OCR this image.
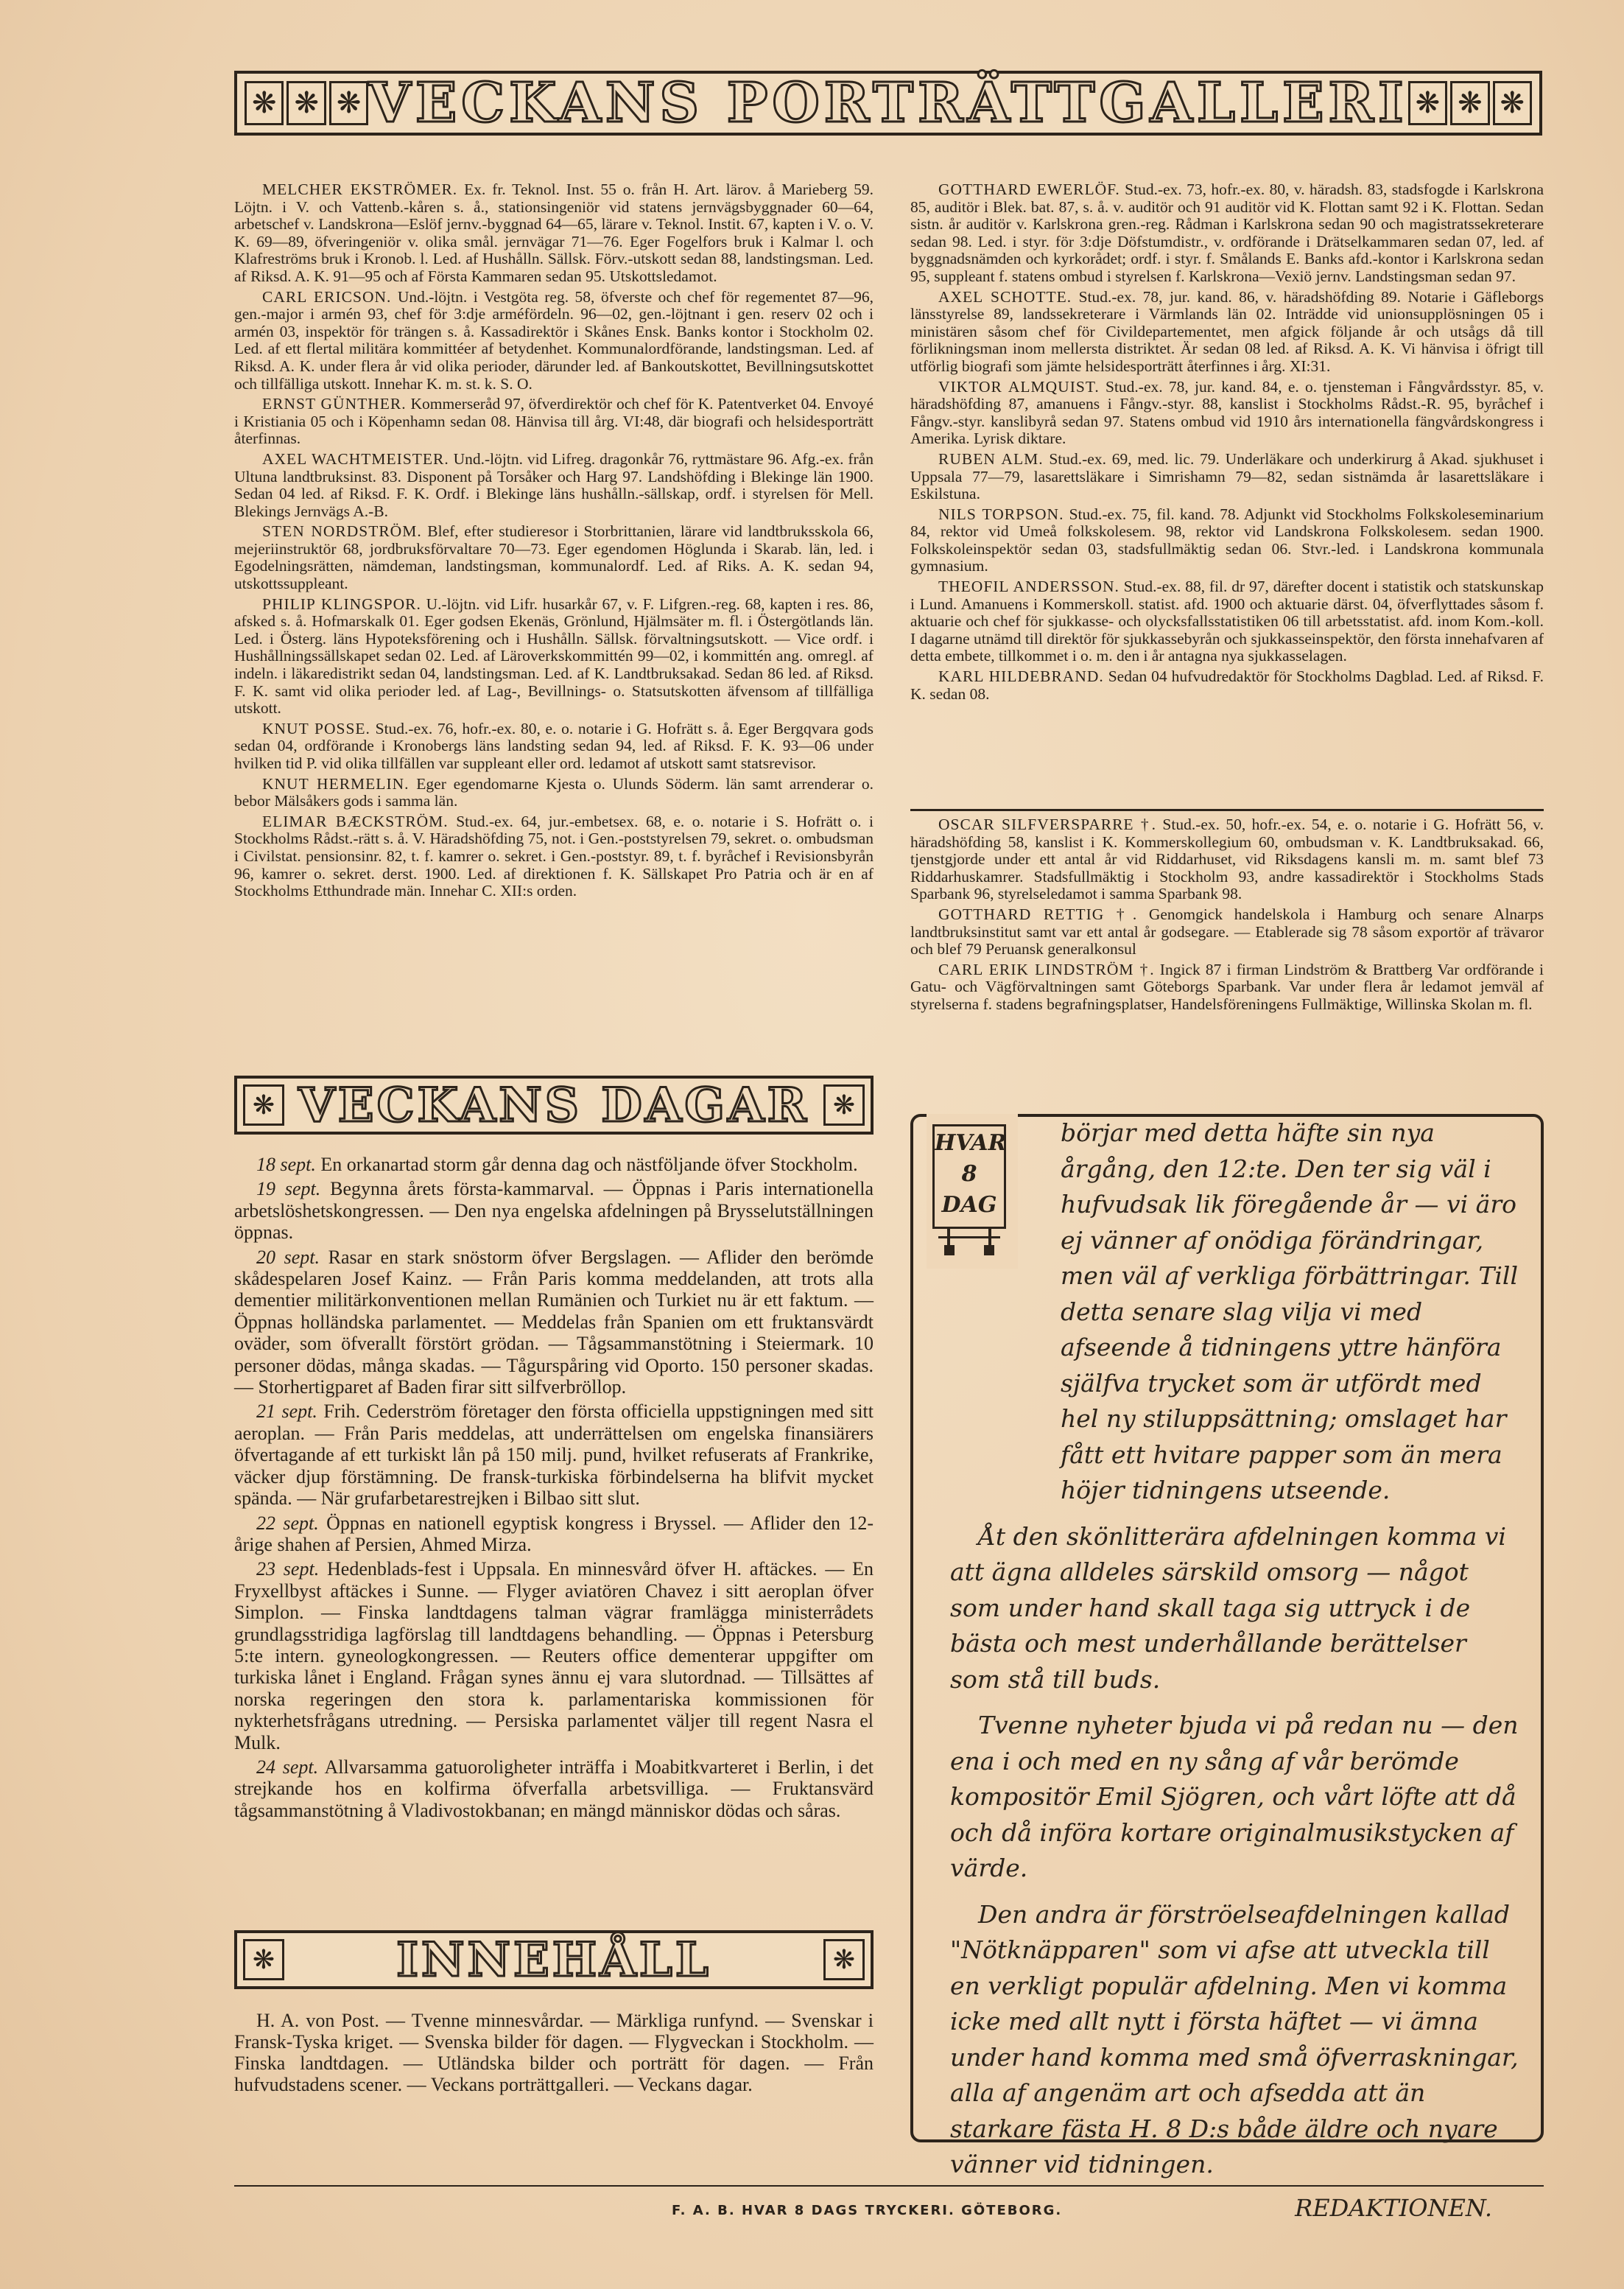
❋ ❋ ❋ VECKANS PORTRÄTTGALLERI ❋ ❋ ❋

MELCHER EKSTRÖMER. Ex. fr. Teknol. Inst. 55 o. från H. Art. lärov. å Marieberg 59. Löjtn. i V. och Vattenb.-kåren s. å., stationsingeniör vid statens jernvägsbyggnader 60—64, arbetschef v. Landskrona—Eslöf jernv.-byggnad 64—65, lärare v. Teknol. Instit. 67, kapten i V. o. V. K. 69—89, öfveringeniör v. olika smål. jernvägar 71—76. Eger Fogelfors bruk i Kalmar l. och Klafreströms bruk i Kronob. l. Led. af Hushålln. Sällsk. Förv.-utskott sedan 88, landstingsman. Led. af Riksd. A. K. 91—95 och af Första Kammaren sedan 95. Utskottsledamot.

CARL ERICSON. Und.-löjtn. i Vestgöta reg. 58, öfverste och chef för regementet 87—96, gen.-major i armén 93, chef för 3:dje arméfördeln. 96—02, gen.-löjtnant i gen. reserv 02 och i armén 03, inspektör för trängen s. å. Kassadirektör i Skånes Ensk. Banks kontor i Stockholm 02. Led. af ett flertal militära kommittéer af betydenhet. Kommunalordförande, landstingsman. Led. af Riksd. A. K. under flera år vid olika perioder, därunder led. af Bankoutskottet, Bevillningsutskottet och tillfälliga utskott. Innehar K. m. st. k. S. O.

ERNST GÜNTHER. Kommerseråd 97, öfverdirektör och chef för K. Patentverket 04. Envoyé i Kristiania 05 och i Köpenhamn sedan 08. Hänvisa till årg. VI:48, där biografi och helsidesporträtt återfinnas.

AXEL WACHTMEISTER. Und.-löjtn. vid Lifreg. dragonkår 76, ryttmästare 96. Afg.-ex. från Ultuna landtbruksinst. 83. Disponent på Torsåker och Harg 97. Landshöfding i Blekinge län 1900. Sedan 04 led. af Riksd. F. K. Ordf. i Blekinge läns hushålln.-sällskap, ordf. i styrelsen för Mell. Blekings Jernvägs A.-B.

STEN NORDSTRÖM. Blef, efter studieresor i Storbrittanien, lärare vid landtbruksskola 66, mejeriinstruktör 68, jordbruksförvaltare 70—73. Eger egendomen Höglunda i Skarab. län, led. i Egodelningsrätten, nämdeman, landstingsman, kommunalordf. Led. af Riks. A. K. sedan 94, utskottssuppleant.

PHILIP KLINGSPOR. U.-löjtn. vid Lifr. husarkår 67, v. F. Lifgren.-reg. 68, kapten i res. 86, afsked s. å. Hofmarskalk 01. Eger godsen Ekenäs, Grönlund, Hjälmsäter m. fl. i Östergötlands län. Led. i Österg. läns Hypoteksförening och i Hushålln. Sällsk. förvaltningsutskott. — Vice ordf. i Hushållningssällskapet sedan 02. Led. af Läroverkskommittén 99—02, i kommittén ang. omregl. af indeln. i läkaredistrikt sedan 04, landstingsman. Led. af K. Landtbruksakad. Sedan 86 led. af Riksd. F. K. samt vid olika perioder led. af Lag-, Bevillnings- o. Statsutskotten äfvensom af tillfälliga utskott.

KNUT POSSE. Stud.-ex. 76, hofr.-ex. 80, e. o. notarie i G. Hofrätt s. å. Eger Bergqvara gods sedan 04, ordförande i Kronobergs läns landsting sedan 94, led. af Riksd. F. K. 93—06 under hvilken tid P. vid olika tillfällen var suppleant eller ord. ledamot af utskott samt statsrevisor.

KNUT HERMELIN. Eger egendomarne Kjesta o. Ulunds Söderm. län samt arrenderar o. bebor Mälsåkers gods i samma län.

ELIMAR BÆCKSTRÖM. Stud.-ex. 64, jur.-embetsex. 68, e. o. notarie i S. Hofrätt o. i Stockholms Rådst.-rätt s. å. V. Häradshöfding 75, not. i Gen.-poststyrelsen 79, sekret. o. ombudsman i Civilstat. pensionsinr. 82, t. f. kamrer o. sekret. i Gen.-poststyr. 89, t. f. byråchef i Revisionsbyrån 96, kamrer o. sekret. derst. 1900. Led. af direktionen f. K. Sällskapet Pro Patria och är en af Stockholms Etthundrade män. Innehar C. XII:s orden.

GOTTHARD EWERLÖF. Stud.-ex. 73, hofr.-ex. 80, v. häradsh. 83, stadsfogde i Karlskrona 85, auditör i Blek. bat. 87, s. å. v. auditör och 91 auditör vid K. Flottan samt 92 i K. Flottan. Sedan sistn. år auditör v. Karlskrona gren.-reg. Rådman i Karlskrona sedan 90 och magistratssekreterare sedan 98. Led. i styr. för 3:dje Döfstumdistr., v. ordförande i Drätselkammaren sedan 07, led. af byggnadsnämden och kyrkorådet; ordf. i styr. f. Smålands E. Banks afd.-kontor i Karlskrona sedan 95, suppleant f. statens ombud i styrelsen f. Karlskrona—Vexiö jernv. Landstingsman sedan 97.

AXEL SCHOTTE. Stud.-ex. 78, jur. kand. 86, v. häradshöfding 89. Notarie i Gäfleborgs länsstyrelse 89, landssekreterare i Värmlands län 02. Inträdde vid unionsupplösningen 05 i ministären såsom chef för Civildepartementet, men afgick följande år och utsågs då till förlikningsman inom mellersta distriktet. Är sedan 08 led. af Riksd. A. K. Vi hänvisa i öfrigt till utförlig biografi som jämte helsidesporträtt återfinnes i årg. XI:31.

VIKTOR ALMQUIST. Stud.-ex. 78, jur. kand. 84, e. o. tjensteman i Fångvårdsstyr. 85, v. häradshöfding 87, amanuens i Fångv.-styr. 88, kanslist i Stockholms Rådst.-R. 95, byråchef i Fångv.-styr. kanslibyrå sedan 97. Statens ombud vid 1910 års internationella fängvårdskongress i Amerika. Lyrisk diktare.

RUBEN ALM. Stud.-ex. 69, med. lic. 79. Underläkare och underkirurg å Akad. sjukhuset i Uppsala 77—79, lasarettsläkare i Simrishamn 79—82, sedan sistnämda år lasarettsläkare i Eskilstuna.

NILS TORPSON. Stud.-ex. 75, fil. kand. 78. Adjunkt vid Stockholms Folkskoleseminarium 84, rektor vid Umeå folkskolesem. 98, rektor vid Landskrona Folkskolesem. sedan 1900. Folkskoleinspektör sedan 03, stadsfullmäktig sedan 06. Stvr.-led. i Landskrona kommunala gymnasium.

THEOFIL ANDERSSON. Stud.-ex. 88, fil. dr 97, därefter docent i statistik och statskunskap i Lund. Amanuens i Kommerskoll. statist. afd. 1900 och aktuarie därst. 04, öfverflyttades såsom f. aktuarie och chef för sjukkasse- och olycksfallsstatistiken 06 till arbetsstatist. afd. inom Kom.-koll. I dagarne utnämd till direktör för sjukkassebyrån och sjukkasseinspektör, den första innehafvaren af detta embete, tillkommet i o. m. den i år antagna nya sjukkasselagen.

KARL HILDEBRAND. Sedan 04 hufvudredaktör för Stockholms Dagblad. Led. af Riksd. F. K. sedan 08.

OSCAR SILFVERSPARRE †. Stud.-ex. 50, hofr.-ex. 54, e. o. notarie i G. Hofrätt 56, v. häradshöfding 58, kanslist i K. Kommerskollegium 60, ombudsman v. K. Landtbruksakad. 66, tjenstgjorde under ett antal år vid Riddarhuset, vid Riksdagens kansli m. m. samt blef 73 Riddarhuskamrer. Stadsfullmäktig i Stockholm 93, andre kassadirektör i Stockholms Stads Sparbank 96, styrelseledamot i samma Sparbank 98.

GOTTHARD RETTIG †. Genomgick handelskola i Hamburg och senare Alnarps landtbruksinstitut samt var ett antal år godsegare. — Etablerade sig 78 såsom exportör af trävaror och blef 79 Peruansk generalkonsul

CARL ERIK LINDSTRÖM †. Ingick 87 i firman Lindström & Brattberg Var ordförande i Gatu- och Vägförvaltningen samt Göteborgs Sparbank. Var under flera år ledamot jemväl af styrelserna f. stadens begrafningsplatser, Handelsföreningens Fullmäktige, Willinska Skolan m. fl.

❋ VECKANS DAGAR ❋

18 sept. En orkanartad storm går denna dag och nästföljande öfver Stockholm.

19 sept. Begynna årets första-kammarval. — Öppnas i Paris internationella arbetslöshetskongressen. — Den nya engelska afdelningen på Brysselutställningen öppnas.

20 sept. Rasar en stark snöstorm öfver Bergslagen. — Aflider den berömde skådespelaren Josef Kainz. — Från Paris komma meddelanden, att trots alla dementier militärkonventionen mellan Rumänien och Turkiet nu är ett faktum. — Öppnas holländska parlamentet. — Meddelas från Spanien om ett fruktansvärdt oväder, som öfverallt förstört grödan. — Tågsammanstötning i Steiermark. 10 personer dödas, många skadas. — Tågurspåring vid Oporto. 150 personer skadas. — Storhertigparet af Baden firar sitt silfverbröllop.

21 sept. Frih. Cederström företager den första officiella uppstigningen med sitt aeroplan. — Från Paris meddelas, att underrättelsen om engelska finansiärers öfvertagande af ett turkiskt lån på 150 milj. pund, hvilket refuserats af Frankrike, väcker djup förstämning. De fransk-turkiska förbindelserna ha blifvit mycket spända. — När grufarbetarestrejken i Bilbao sitt slut.

22 sept. Öppnas en nationell egyptisk kongress i Bryssel. — Aflider den 12-årige shahen af Persien, Ahmed Mirza.

23 sept. Hedenblads-fest i Uppsala. En minnesvård öfver H. aftäckes. — En Fryxellbyst aftäckes i Sunne. — Flyger aviatören Chavez i sitt aeroplan öfver Simplon. — Finska landtdagens talman vägrar framlägga ministerrådets grundlagsstridiga lagförslag till landtdagens behandling. — Öppnas i Petersburg 5:te intern. gyneologkongressen. — Reuters office dementerar uppgifter om turkiska lånet i England. Frågan synes ännu ej vara slutordnad. — Tillsättes af norska regeringen den stora k. parlamentariska kommissionen för nykterhetsfrågans utredning. — Persiska parlamentet väljer till regent Nasra el Mulk.

24 sept. Allvarsamma gatuoroligheter inträffa i Moabitkvarteret i Berlin, i det strejkande hos en kolfirma öfverfalla arbetsvilliga. — Fruktansvärd tågsammanstötning å Vladivostokbanan; en mängd människor dödas och såras.

❋	INNEHÅLL	❋

H. A. von Post. — Tvenne minnesvårdar. — Märkliga runfynd. — Svenskar i Fransk-Tyska kriget. — Svenska bilder för dagen. — Flygveckan i Stockholm. — Finska landtdagen. — Utländska bilder och porträtt för dagen. — Från hufvudstadens scener. — Veckans porträttgalleri. — Veckans dagar.

HVAR
8
DAG

börjar med detta häfte sin nya årgång, den 12:te. Den ter sig väl i hufvudsak lik föregående år — vi äro ej vänner af onödiga förändringar, men väl af verkliga förbättringar. Till detta senare slag vilja vi med afseende å tidningens yttre hänföra själfva trycket som är utfördt med hel ny stiluppsättning; omslaget har fått ett hvitare papper som än mera höjer tidningens utseende.

Åt den skönlitterära afdelningen komma vi att ägna alldeles särskild omsorg — något som under hand skall taga sig uttryck i de bästa och mest underhållande berättelser som stå till buds.

Tvenne nyheter bjuda vi på redan nu — den ena i och med en ny sång af vår berömde kompositör Emil Sjögren, och vårt löfte att då och då införa kortare originalmusikstycken af värde.

Den andra är förströelseafdelningen kallad "Nötknäpparen" som vi afse att utveckla till en verkligt populär afdelning. Men vi komma icke med allt nytt i första häftet — vi ämna under hand komma med små öfverraskningar, alla af angenäm art och afsedda att än starkare fästa H. 8 D:s både äldre och nyare vänner vid tidningen.

REDAKTIONEN.
F. A. B. HVAR 8 DAGS TRYCKERI. GÖTEBORG.
